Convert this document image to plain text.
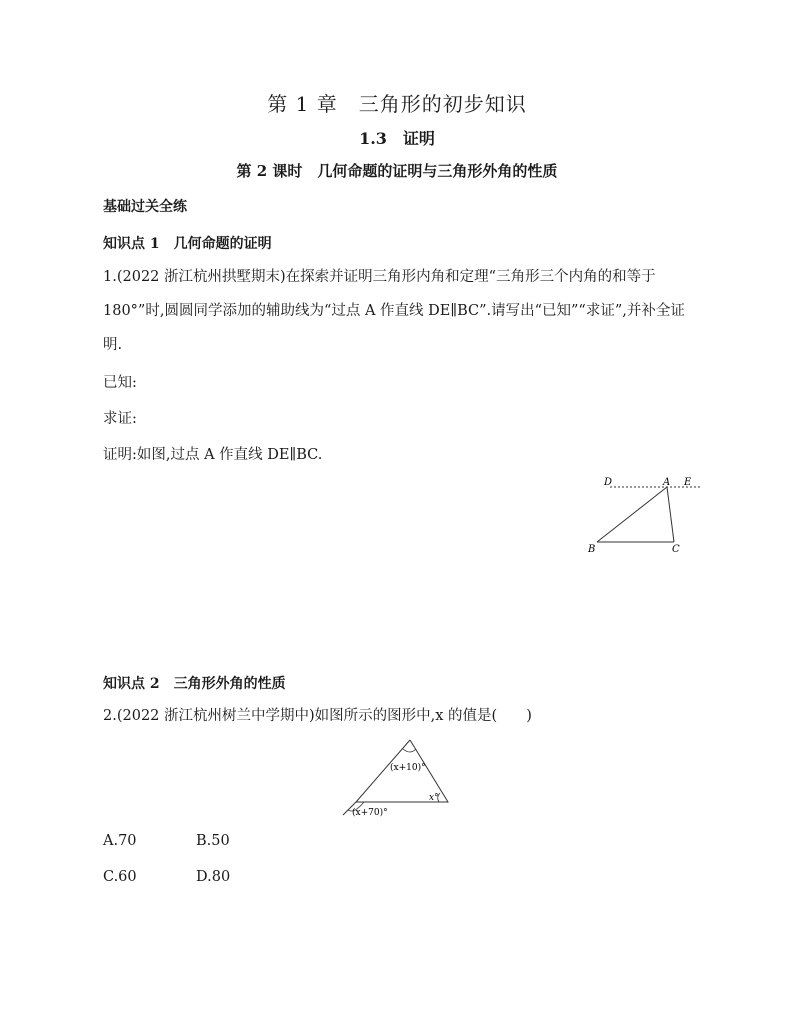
第 1 章　三角形的初步知识
1.3　证明
第 2 课时　几何命题的证明与三角形外角的性质
基础过关全练
知识点 1　几何命题的证明
1.(2022 浙江杭州拱墅期末)在探索并证明三角形内角和定理“三角形三个内角的和等于 180°”时,圆圆同学添加的辅助线为“过点 A 作直线 DE∥BC”.请写出“已知”“求证”,并补全证明.
已知:
求证:
证明:如图,过点 A 作直线 DE∥BC.
D	A E
B	C
知识点 2　三角形外角的性质
2.(2022 浙江杭州树兰中学期中)如图所示的图形中,x 的值是(　　)
(x+10)°
x°
(x+70)°
A.70	B.50
C.60	D.80
